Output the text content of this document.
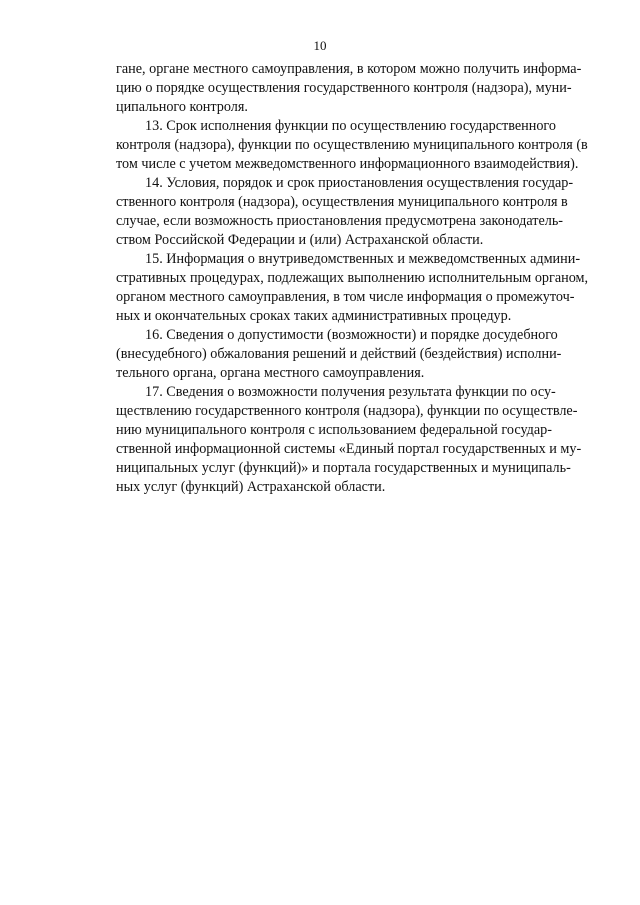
10
гане, органе местного самоуправления, в котором можно получить информа-
цию о порядке осуществления государственного контроля (надзора), муни-
ципального контроля.
13. Срок исполнения функции по осуществлению государственного
контроля (надзора), функции по осуществлению муниципального контроля (в
том числе с учетом межведомственного информационного взаимодействия).
14. Условия, порядок и срок приостановления осуществления государ-
ственного контроля (надзора), осуществления муниципального контроля в
случае, если возможность приостановления предусмотрена законодатель-
ством Российской Федерации и (или) Астраханской области.
15. Информация о внутриведомственных и межведомственных админи-
стративных процедурах, подлежащих выполнению исполнительным органом,
органом местного самоуправления, в том числе информация о промежуточ-
ных и окончательных сроках таких административных процедур.
16. Сведения о допустимости (возможности) и порядке досудебного
(внесудебного) обжалования решений и действий (бездействия) исполни-
тельного органа, органа местного самоуправления.
17. Сведения о возможности получения результата функции по осу-
ществлению государственного контроля (надзора), функции по осуществле-
нию муниципального контроля с использованием федеральной государ-
ственной информационной системы «Единый портал государственных и му-
ниципальных услуг (функций)» и портала государственных и муниципаль-
ных услуг (функций) Астраханской области.
